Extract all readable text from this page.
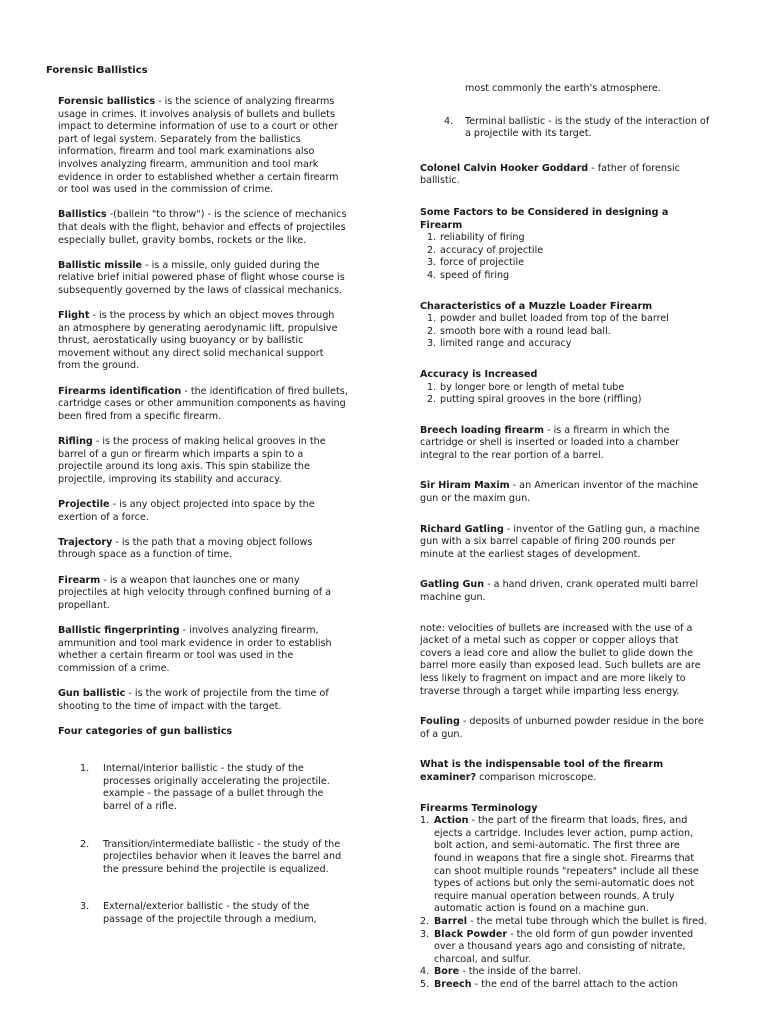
Forensic Ballistics

Forensic ballistics - is the science of analyzing firearms usage in crimes. It involves analysis of bullets and bullets impact to determine information of use to a court or other part of legal system. Separately from the ballistics information, firearm and tool mark examinations also involves analyzing firearm, ammunition and tool mark evidence in order to established whether a certain firearm or tool was used in the commission of crime.

Ballistics -(ballein "to throw") - is the science of mechanics that deals with the flight, behavior and effects of projectiles especially bullet, gravity bombs, rockets or the like.

Ballistic missile - is a missile, only guided during the relative brief initial powered phase of flight whose course is subsequently governed by the laws of classical mechanics.

Flight - is the process by which an object moves through an atmosphere by generating aerodynamic lift, propulsive thrust, aerostatically using buoyancy or by ballistic movement without any direct solid mechanical support from the ground.

Firearms identification - the identification of fired bullets, cartridge cases or other ammunition components as having been fired from a specific firearm.

Rifling - is the process of making helical grooves in the barrel of a gun or firearm which imparts a spin to a projectile around its long axis. This spin stabilize the projectile, improving its stability and accuracy.

Projectile - is any object projected into space by the exertion of a force.

Trajectory - is the path that a moving object follows through space as a function of time.

Firearm - is a weapon that launches one or many projectiles at high velocity through confined burning of a propellant.

Ballistic fingerprinting - involves analyzing firearm, ammunition and tool mark evidence in order to establish whether a certain firearm or tool was used in the commission of a crime.

Gun ballistic - is the work of projectile from the time of shooting to the time of impact with the target.

Four categories of gun ballistics

1. Internal/interior ballistic - the study of the processes originally accelerating the projectile. example - the passage of a bullet through the barrel of a rifle.
2. Transition/intermediate ballistic - the study of the projectiles behavior when it leaves the barrel and the pressure behind the projectile is equalized.
3. External/exterior ballistic - the study of the passage of the projectile through a medium,

most commonly the earth's atmosphere.

4. Terminal ballistic - is the study of the interaction of a projectile with its target.

Colonel Calvin Hooker Goddard - father of forensic ballistic.

Some Factors to be Considered in designing a Firearm

1. reliability of firing
2. accuracy of projectile
3. force of projectile
4. speed of firing

Characteristics of a Muzzle Loader Firearm

1. powder and bullet loaded from top of the barrel
2. smooth bore with a round lead ball.
3. limited range and accuracy

Accuracy is Increased

1. by longer bore or length of metal tube
2. putting spiral grooves in the bore (riffling)

Breech loading firearm - is a firearm in which the cartridge or shell is inserted or loaded into a chamber integral to the rear portion of a barrel.

Sir Hiram Maxim - an American inventor of the machine gun or the maxim gun.

Richard Gatling - inventor of the Gatling gun, a machine gun with a six barrel capable of firing 200 rounds per minute at the earliest stages of development.

Gatling Gun - a hand driven, crank operated multi barrel machine gun.

note: velocities of bullets are increased with the use of a jacket of a metal such as copper or copper alloys that covers a lead core and allow the bullet to glide down the barrel more easily than exposed lead. Such bullets are are less likely to fragment on impact and are more likely to traverse through a target while imparting less energy.

Fouling - deposits of unburned powder residue in the bore of a gun.

What is the indispensable tool of the firearm examiner? comparison microscope.

Firearms Terminology

1. Action - the part of the firearm that loads, fires, and ejects a cartridge. Includes lever action, pump action, bolt action, and semi-automatic. The first three are found in weapons that fire a single shot. Firearms that can shoot multiple rounds "repeaters" include all these types of actions but only the semi-automatic does not require manual operation between rounds. A truly automatic action is found on a machine gun.
2. Barrel - the metal tube through which the bullet is fired.
3. Black Powder - the old form of gun powder invented over a thousand years ago and consisting of nitrate, charcoal, and sulfur.
4. Bore - the inside of the barrel.
5. Breech - the end of the barrel attach to the action
